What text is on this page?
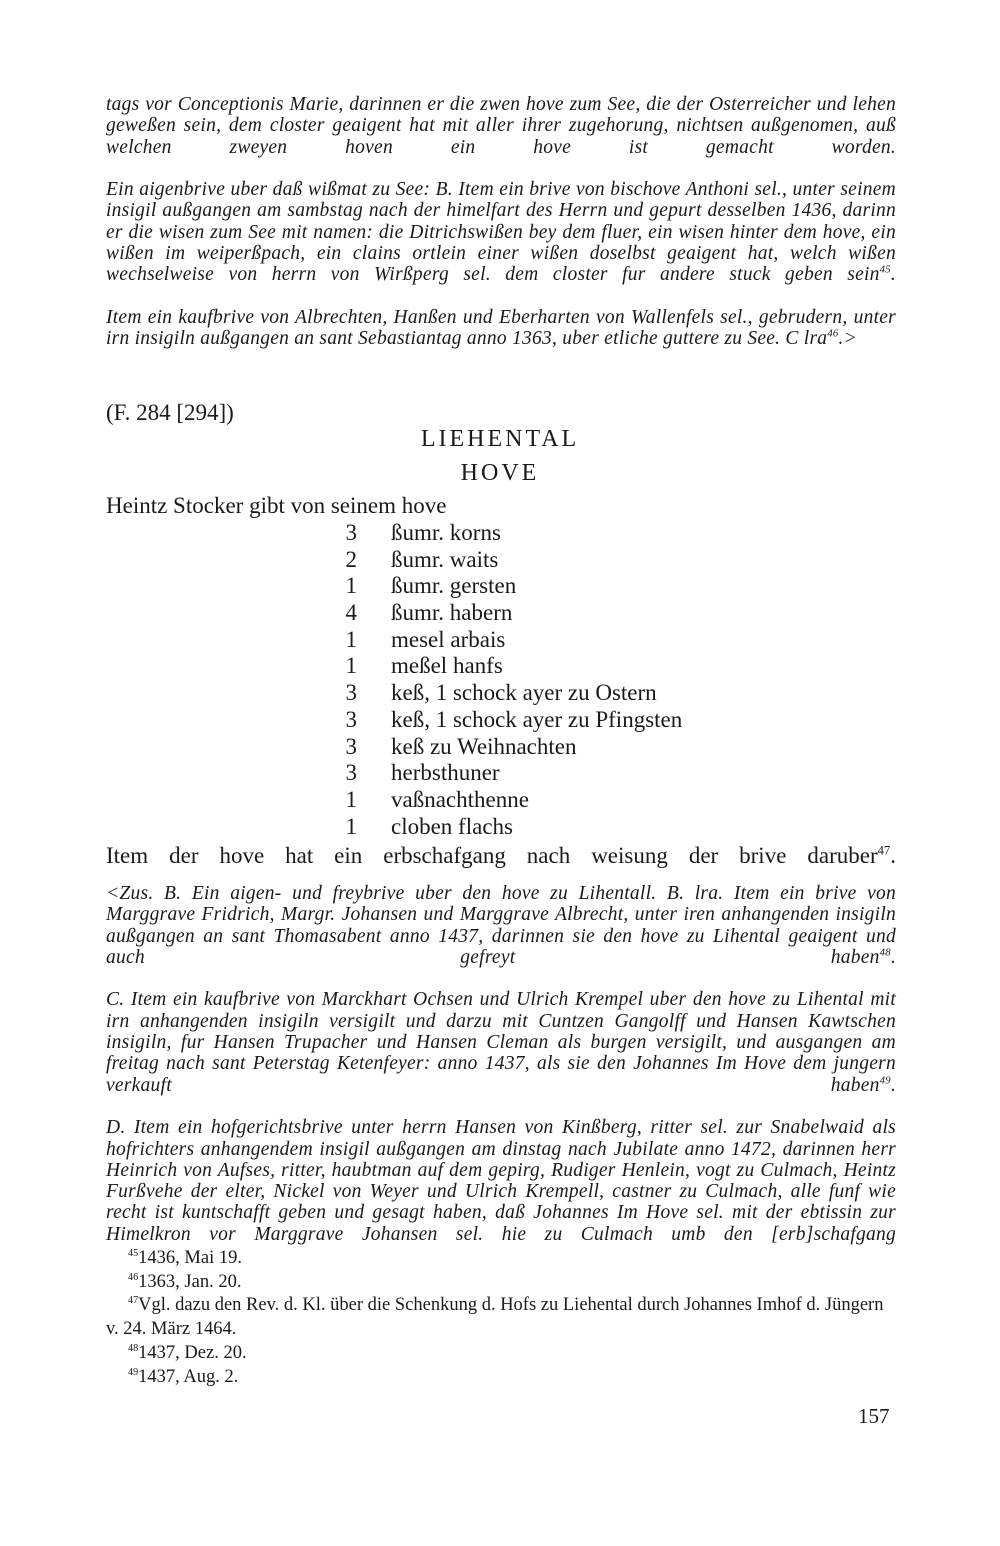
tags vor Conceptionis Marie, darinnen er die zwen hove zum See, die der Osterreicher und lehen geweßen sein, dem closter geaigent hat mit aller ihrer zugehorung, nichtsen außgenomen, auß welchen zweyen hoven ein hove ist gemacht worden.

Ein aigenbrive uber daß wißmat zu See: B. Item ein brive von bischove Anthoni sel., unter seinem insigil außgangen am sambstag nach der himelfart des Herrn und gepurt desselben 1436, darinn er die wisen zum See mit namen: die Ditrichswißen bey dem fluer, ein wisen hinter dem hove, ein wißen im weiperßpach, ein clains ortlein einer wißen doselbst geaigent hat, welch wißen wechselweise von herrn von Wirßperg sel. dem closter fur andere stuck geben sein$^{45}$.

Item ein kaufbrive von Albrechten, Hanßen und Eberharten von Wallenfels sel., gebrudern, unter irn insigiln außgangen an sant Sebastiantag anno 1363, uber etliche guttere zu See. C lra$^{46}$.>

(F. 284 [294])
LIEHENTAL
HOVE
Heintz Stocker gibt von seinem hove
3 ßumr. korns
2 ßumr. waits
1 ßumr. gersten
4 ßumr. habern
1 mesel arbais
1 meßel hanfs
3 keß, 1 schock ayer zu Ostern
3 keß, 1 schock ayer zu Pfingsten
3 keß zu Weihnachten
3 herbsthuner
1 vaßnachthenne
1 cloben flachs
Item der hove hat ein erbschafgang nach weisung der brive daruber$^{47}$.

<Zus. B. Ein aigen- und freybrive uber den hove zu Lihentall. B. lra. Item ein brive von Marggrave Fridrich, Margr. Johansen und Marggrave Albrecht, unter iren anhangenden insigiln außgangen an sant Thomasabent anno 1437, darinnen sie den hove zu Lihental geaigent und auch gefreyt haben$^{48}$.

C. Item ein kaufbrive von Marckhart Ochsen und Ulrich Krempel uber den hove zu Lihental mit irn anhangenden insigiln versigilt und darzu mit Cuntzen Gangolff und Hansen Kawtschen insigiln, fur Hansen Trupacher und Hansen Cleman als burgen versigilt, und ausgangen am freitag nach sant Peterstag Ketenfeyer: anno 1437, als sie den Johannes Im Hove dem jungern verkauft haben$^{49}$.

D. Item ein hofgerichtsbrive unter herrn Hansen von Kinßberg, ritter sel. zur Snabelwaid als hofrichters anhangendem insigil außgangen am dinstag nach Jubilate anno 1472, darinnen herr Heinrich von Aufses, ritter, haubtman auf dem gepirg, Rudiger Henlein, vogt zu Culmach, Heintz Furßvehe der elter, Nickel von Weyer und Ulrich Krempell, castner zu Culmach, alle funf wie recht ist kuntschafft geben und gesagt haben, daß Johannes Im Hove sel. mit der ebtissin zur Himelkron vor Marggrave Johansen sel. hie zu Culmach umb den [erb]schafgang

$^{45}$1436, Mai 19.

$^{46}$1363, Jan. 20.

$^{47}$Vgl. dazu den Rev. d. Kl. über die Schenkung d. Hofs zu Liehental durch Johannes Imhof d. Jüngern v. 24. März 1464.

$^{48}$1437, Dez. 20.

$^{49}$1437, Aug. 2.

157
